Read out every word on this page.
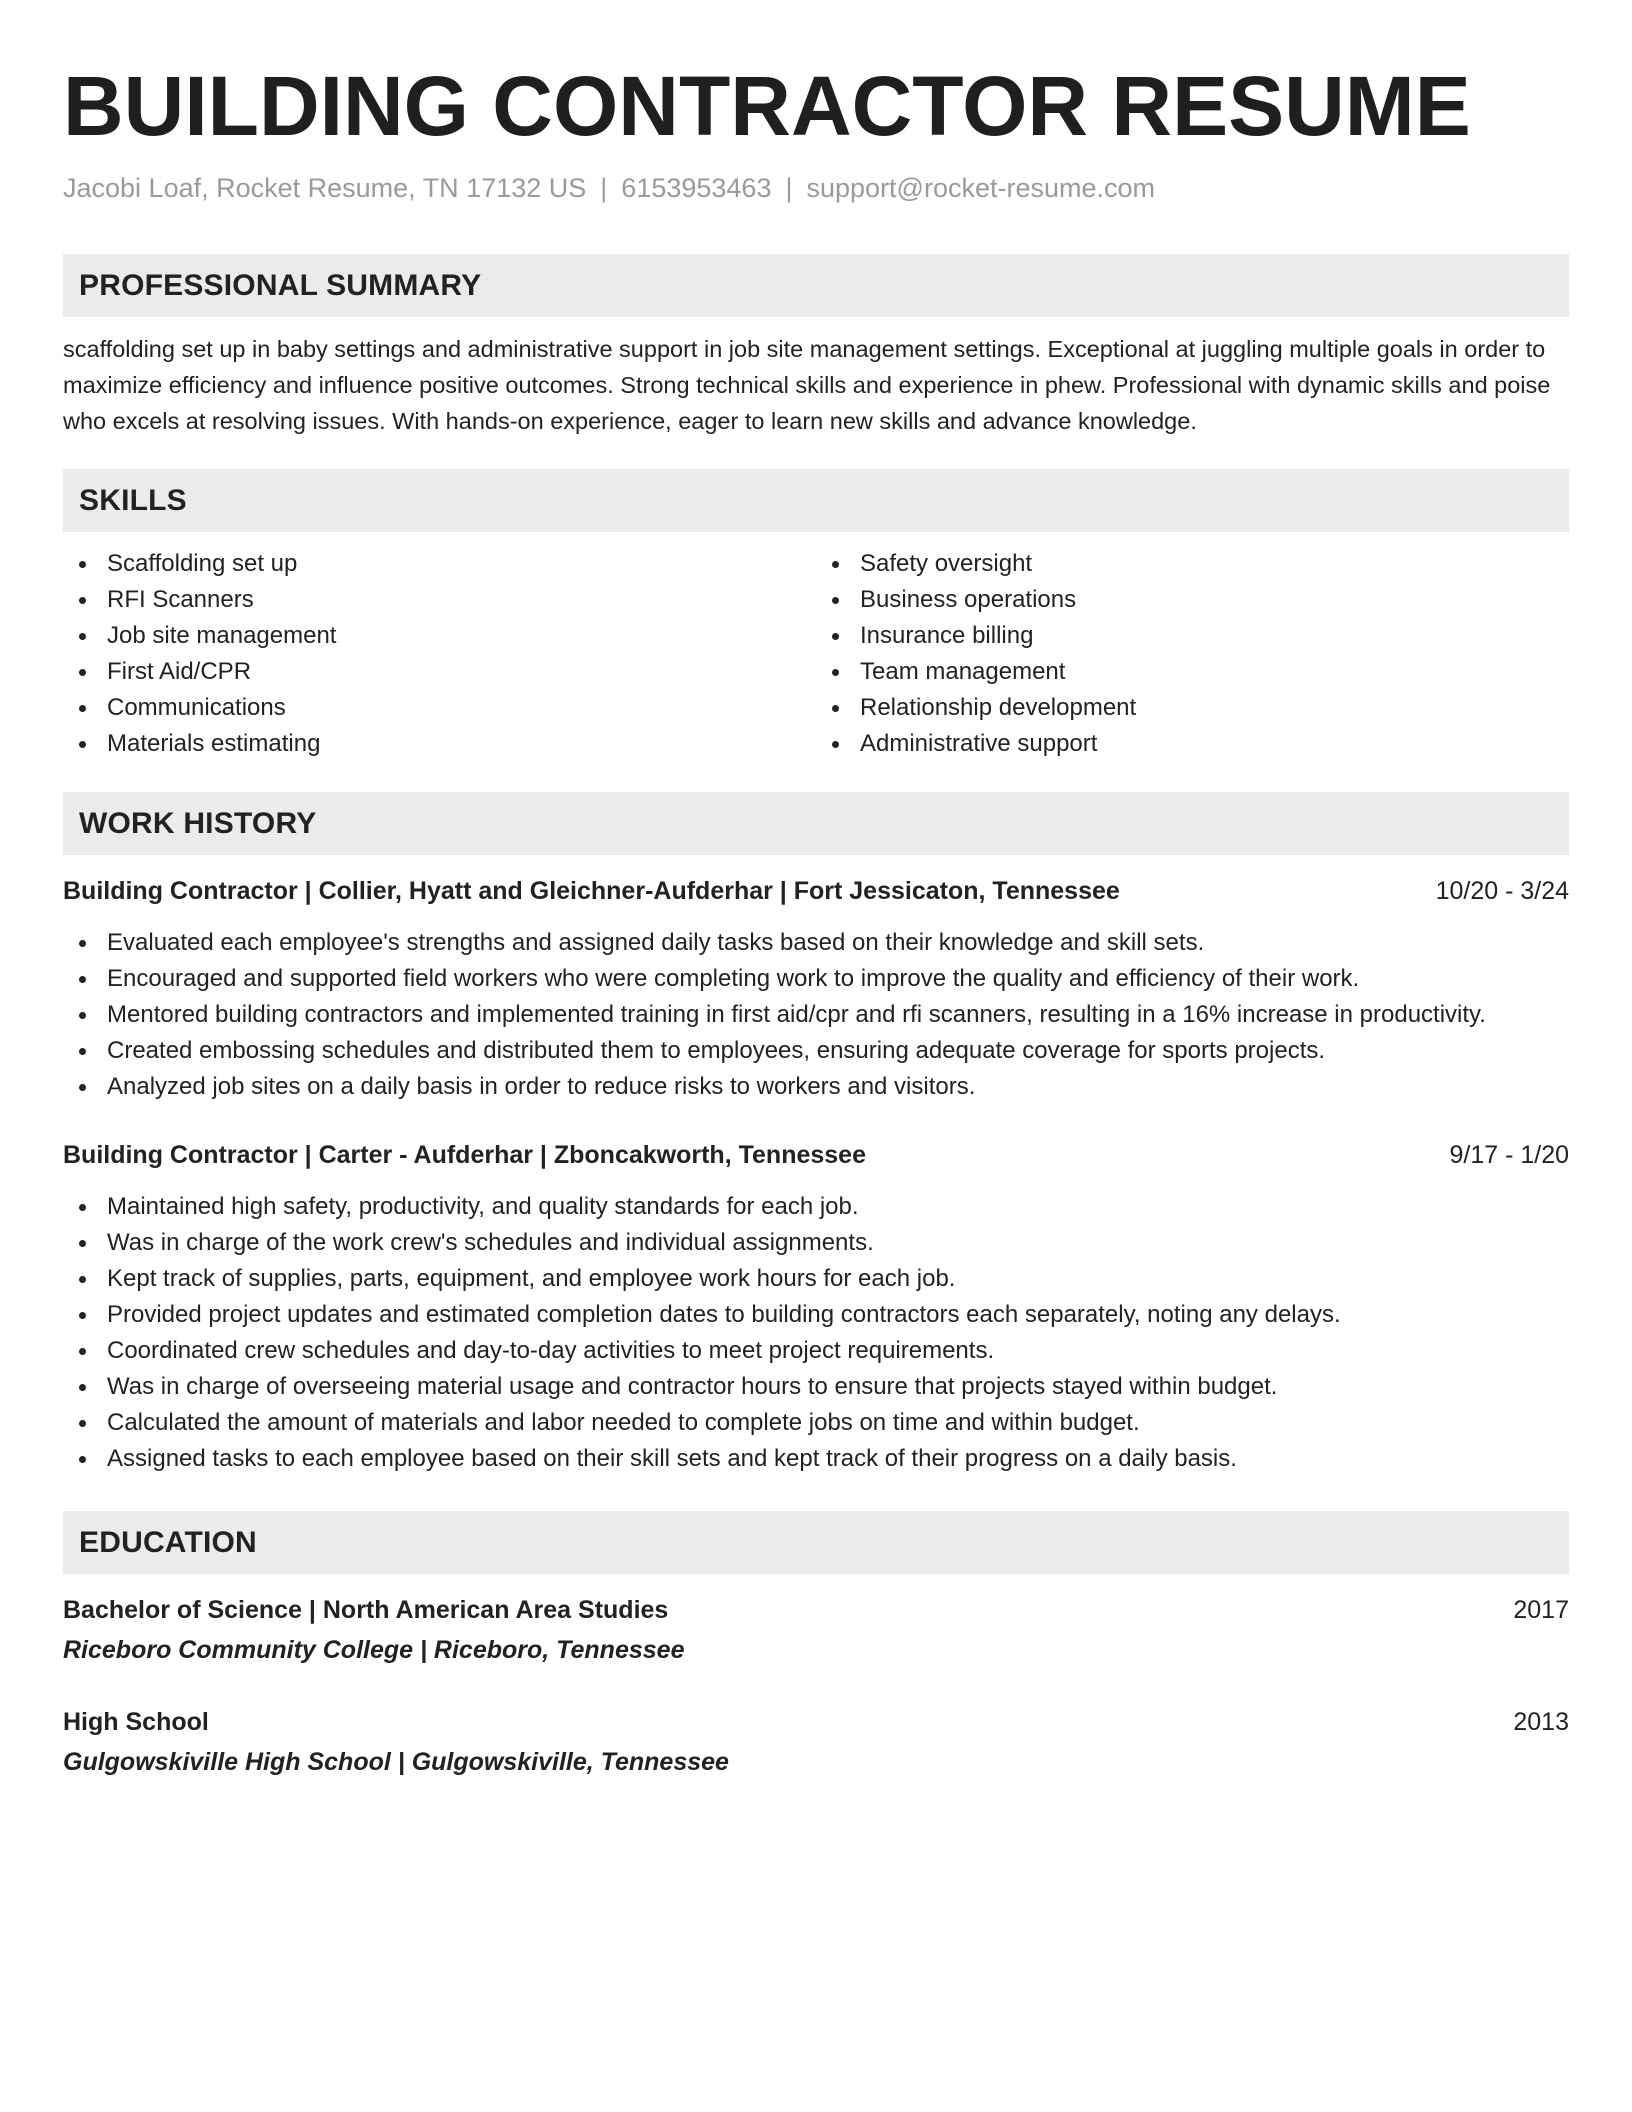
BUILDING CONTRACTOR RESUME
Jacobi Loaf, Rocket Resume, TN 17132 US | 6153953463 | support@rocket-resume.com
PROFESSIONAL SUMMARY

scaffolding set up in baby settings and administrative support in job site management settings. Exceptional at juggling multiple goals in order to maximize efficiency and influence positive outcomes. Strong technical skills and experience in phew. Professional with dynamic skills and poise who excels at resolving issues. With hands-on experience, eager to learn new skills and advance knowledge.

SKILLS
Scaffolding set up
RFI Scanners
Job site management
First Aid/CPR
Communications
Materials estimating
Safety oversight
Business operations
Insurance billing
Team management
Relationship development
Administrative support
WORK HISTORY
Building Contractor | Collier, Hyatt and Gleichner-Aufderhar | Fort Jessicaton, Tennessee	10/20 - 3/24
Evaluated each employee's strengths and assigned daily tasks based on their knowledge and skill sets.
Encouraged and supported field workers who were completing work to improve the quality and efficiency of their work.
Mentored building contractors and implemented training in first aid/cpr and rfi scanners, resulting in a 16% increase in productivity.
Created embossing schedules and distributed them to employees, ensuring adequate coverage for sports projects.
Analyzed job sites on a daily basis in order to reduce risks to workers and visitors.
Building Contractor | Carter - Aufderhar | Zboncakworth, Tennessee	9/17 - 1/20
Maintained high safety, productivity, and quality standards for each job.
Was in charge of the work crew's schedules and individual assignments.
Kept track of supplies, parts, equipment, and employee work hours for each job.
Provided project updates and estimated completion dates to building contractors each separately, noting any delays.
Coordinated crew schedules and day-to-day activities to meet project requirements.
Was in charge of overseeing material usage and contractor hours to ensure that projects stayed within budget.
Calculated the amount of materials and labor needed to complete jobs on time and within budget.
Assigned tasks to each employee based on their skill sets and kept track of their progress on a daily basis.
EDUCATION
Bachelor of Science | North American Area Studies	2017
Riceboro Community College | Riceboro, Tennessee
High School	2013
Gulgowskiville High School | Gulgowskiville, Tennessee
